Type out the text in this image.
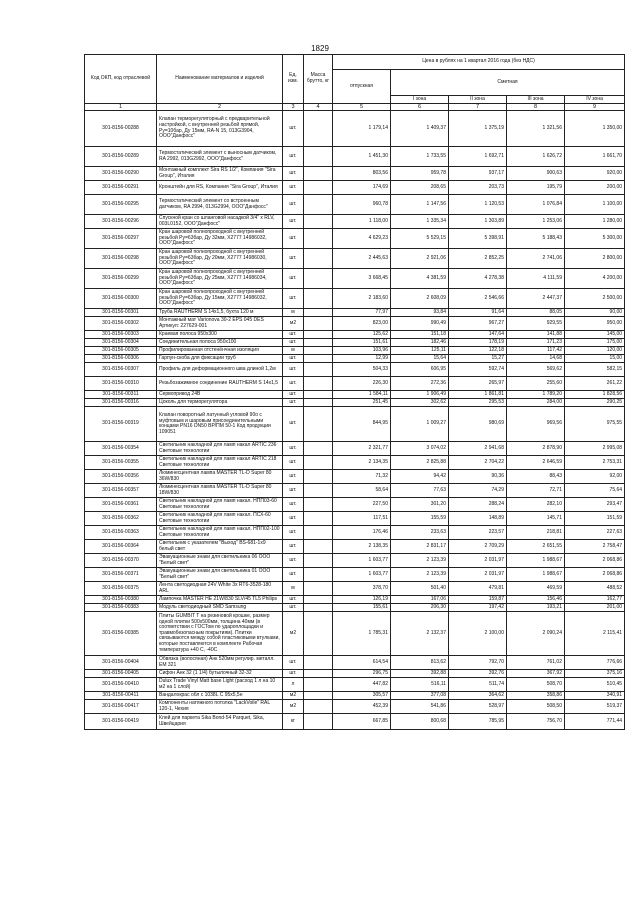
1829
Код ОКП, код отраслевой	Наименование материалов и изделий	Ед. изм.	Масса брутто, кг	Цена в рублях на 1 квартал 2016 года (без НДС)				
				отпускная	Сметная			
					I зона	II зона	III зона	IV зона
1	2	3	4	5	6	7	8	9
301-8156-00288	Клапан терморегуляторный с предварительной настройкой, с внутренней резьбой прямой, Ру=10бар, Ду 15мм, RA-N 15, 013G3904, ООО"Данфосс"	шт.		1 179,14	1 409,37	1 375,19	1 321,56	1 350,00
301-8156-00289	Термостатический элемент с выносным датчиком, RA 2992, 013G2992, ООО"Данфосс"	шт.		1 451,30	1 733,55	1 692,71	1 626,72	1 661,70
301-8156-00290	Монтажный комплект Sira RS 1/2", Компания "Sira Group", Италия	шт.		803,56	959,78	937,17	900,63	920,00
301-8156-00291	Кронштейн для RS, Компания "Sira Group", Италия	шт.		174,69	208,65	203,73	195,79	200,00
301-8156-00295	Термостатический элемент со встроенным датчиком, RA 2994, 013G2994, ООО"Данфосс"	шт.		960,78	1 147,56	1 120,53	1 076,84	1 100,00
301-8156-00296	Спускной кран со шланговой насадкой 3/4" x RLV, 003L0152, ООО"Данфосс"	шт.		1 118,00	1 335,34	1 303,89	1 253,06	1 280,00
301-8156-00297	Кран шаровой полнопроходной с внутренней резьбой Ру=63бар, Ду 32мм, X2777 14986032, ООО"Данфосс"	шт.		4 629,23	5 529,15	5 398,91	5 188,43	5 300,00
301-8156-00298	Кран шаровой полнопроходной с внутренней резьбой Ру=63бар, Ду 20мм, X2777 14986030, ООО"Данфосс"	шт.		2 445,63	2 921,06	2 852,25	2 741,06	2 800,00
301-8156-00299	Кран шаровой полнопроходной с внутренней резьбой Ру=63бар, Ду 25мм, X2777 14986034, ООО"Данфосс"	шт.		3 668,45	4 381,59	4 278,38	4 111,59	4 200,00
301-8156-00300	Кран шаровой полнопроходной с внутренней резьбой Ру=63бар, Ду 15мм, X2777 14986032, ООО"Данфосс"	шт.		2 183,60	2 608,09	2 546,66	2 447,37	2 500,00
301-8156-00301	Труба RAUTHERM S 14x1,5, бухта 120 м	м		77,97	93,84	91,64	88,05	90,00
301-8156-00302	Монтажный мат Varionova 30-2 EPS 045 DES Артикул: 227629-001	м2		823,00	990,49	967,27	929,55	950,00
301-8156-00303	Краевая полоса 950x300	шт.		125,62	151,18	147,64	141,88	145,00
301-8156-00304	Соединительная полоса 950x100	шт.		151,61	182,46	178,19	171,23	175,00
301-8156-00305	Профилированная отстенёнчная изоляция	м		103,96	125,11	122,18	117,42	120,00
301-8156-00306	Гарпун-скоба для фиксации труб	шт.		12,99	15,64	15,27	14,68	15,00
301-8156-00307	Профиль для деформационного шва длиной 1,2м	шт.		504,33	606,95	592,74	569,62	582,15
301-8156-00310	Резьбозажимное соединение RAUTHERM S 14x1,5	шт.		226,30	272,36	265,97	255,60	261,22
301-8156-00311	Сервопривод 24В	шт.		1 584,11	1 906,49	1 861,81	1 789,20	1 828,56
301-8156-00316	Цоколь для терморегулятора	шт.		251,45	302,62	295,53	284,00	290,25
301-8156-00319	Клапан поворотный латунный угловой 90o с муфтовым и шаровым присоединительными концами PN16 DN50 BP/ПМ 50-1 Код продукции 109051	шт.		844,95	1 009,27	980,69	969,56	975,55
301-8156-00354	Светильник накладной для ламп накал ARTIC 236 Световые технологии	шт.		2 321,77	3 074,02	2 941,68	2 878,90	2 995,08
301-8156-00355	Светильник накладной для ламп накал ARTIC 218 Световые технологии	шт.		2 134,35	2 825,88	2 704,22	2 646,59	2 753,31
301-8156-00356	Люминесцентная лампа MASTER TL-D Super 80 36W/830	шт.		71,32	94,42	90,36	88,43	92,00
301-8156-00357	Люминесцентная лампа MASTER TL-D Super 80 18W/830	шт.		58,64	77,63	74,29	72,71	75,64
301-8156-00361	Светильник накладной для ламп накал. НПП03-60 Световые технологии	шт.		227,50	301,20	288,24	282,10	293,47
301-8156-00362	Светильник накладной для ламп накал. ПСХ-60 Световые технологии	шт.		117,51	155,59	148,89	145,71	151,59
301-8156-00363	Светильник накладной для ламп накал. НПП02-100 Световые технологии	шт.		176,46	233,63	223,57	218,81	227,63
301-8156-00364	Светильник с указателем "Выход" BS-681-1x9 белый свет	шт.		2 138,35	2 831,17	2 709,29	2 651,55	2 758,47
301-8156-00370	Эвакуационные знаки для светильника 06 ООО "Белый свет"	шт.		1 603,77	2 123,39	2 031,97	1 988,67	2 068,86
301-8156-00371	Эвакуационные знаки для светильника 01 ООО "Белый свет"	шт.		1 603,77	2 123,39	2 031,97	1 988,67	2 068,86
301-8156-00375	Лента светодиодная 24V White 3x RT6-3528-180 ARL	м		378,70	501,40	479,81	469,59	488,52
301-8156-00380	Лампочка MASTER HE 21W/830 SLV/45 TL5 Philips	шт.		126,19	167,06	159,87	156,46	162,77
301-8156-00383	Модуль светодиодный SMD Samsung	шт.		155,61	206,30	197,42	193,21	201,00
301-8156-00385	Плиты GUMBIT T на резиновой крошке, размер одной плитки 500x500мм, толщина 40мм (в соответствии с ГОСТом по удароплощадки и травмобезопасным покрытиям). Плитки связываются между собой пластиковыми втулками, которые поставляются в комплекте Рабочая температура +40 С, -40С	м2		1 785,31	2 132,37	2 100,00	2 090,24	2 115,41
301-8156-00404	Обвязка (волосяная) Анк 520мм регулир. металл. EM 321	шт.		614,54	813,62	792,70	761,02	776,66
301-8156-00405	Сифон Анк 32 (1 1/4) бутылочный 32-32	шт.		296,75	392,88	392,76	367,92	375,16
301-8156-00410	Dulux Trade Vinyl Matt base Light (расход 1 л на 10 м2 на 1 слой)	л		447,82	516,11	511,74	508,70	510,45
301-8156-00411	Вандалокрас обл с 1038L С 95x5,5н	м2		305,57	377,08	364,62	358,86	340,91
301-8156-00417	Компоненты натяжного потолка "LackVoile" RAL 120-1, Чехия	м2		452,39	541,86	528,97	508,50	519,37
301-8156-00419	Клей для паркета Sika Bond-54 Parquet, Sika, Швейцария	кг		667,85	800,68	785,95	756,70	771,44
